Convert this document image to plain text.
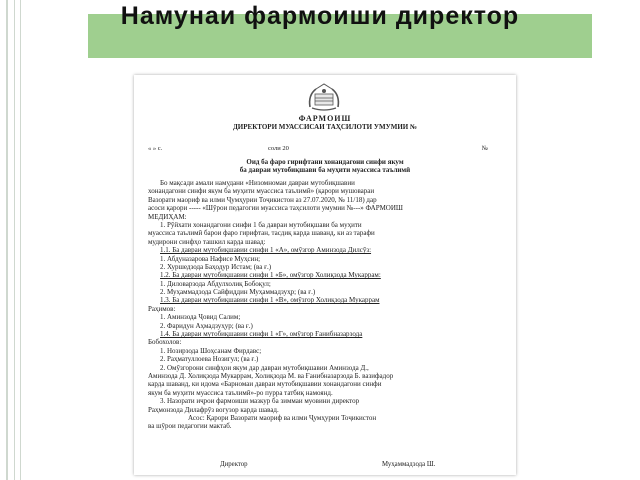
Намунаи фармоиши директор
ФАРМОИШ
ДИРЕКТОРИ МУАССИСАИ ТАҲСИЛОТИ УМУМИИ №
« » с.	соли 20	№
Оид ба фаро гирифтани хонандагони синфи якум
ба давраи мутобиқшави ба муҳити муассиса таълимӣ
Бо мақсади амали намудани «Низомномаи давраи мутобиқшавии
хонандагони синфи якум ба муҳити муассиса таълимӣ» (қарори мушовараи
Вазорати маориф ва илми Ҷумҳурии Тоҷикистон аз 27.07.2020, № 11/18) дар
асоси қарори ----- «Шӯрои педагогии муассиса таҳсилоти умумии №---» ФАРМОИШ
МЕДИҲАМ:
1. Рӯйхати хонандагони синфи 1 ба давраи мутобиқшави ба муҳити
муассиса таълимӣ барои фаро гирифтан, тасдиқ карда шаванд, ки аз тарафи
мудирони синфҳо ташкил карда шавад:
1.1. Ба давраи мутобиқшавии синфи 1 «А», омӯзгор Аминзода Дилсӯз:
1. Абдуназарова Нафисе Муҳсин;
2. Хуршедзода Баҳодур Истам; (ва ғ.)
1.2. Ба давраи мутобиқшавии синфи 1 «Б», омӯзгор Холиқзода Мукаррам:
1. Диловарзода Абдулхолиқ Бобоқул;
2. Муҳаммадзода Сайфиддин Муҳаммадзуҳр; (ва ғ.)
1.3. Ба давраи мутобиқшавии синфи 1 «В», омӯзгор Холиқзода Мукаррам
Раҳимов:
1. Аминзода Ҷовид Салим;
2. Фаридун Аҳмадзуҳур; (ва ғ.)
1.4. Ба давраи мутобиқшавии синфи 1 «Г», омӯзгор Ғанибназарзода
Бобохолов:
1. Нозирзода Шоҳсанам Фирдавс;
2. Раҳматуллоева Нозигул; (ва ғ.)
2. Омӯзгорони синфҳои якум дар давраи мутобиқшавии Аминзода Д.,
Аминзода Д. Холиқзода Мукаррам, Холиқзода М. ва Ғанибназарзода Б. вазифадор
карда шаванд, ки идома «Барномаи давраи мутобиқшавии хонандагони синфи
якум ба муҳити муассиса таълимӣ»-ро пурра татбиқ намоянд.
3. Назорати иҷрои фармоиши мазкур ба зиммаи муовини директор
Раҳмонзода Дилафрӯз вогузор карда шавад.
Асос: Қарори Вазорати маориф ва илми Ҷумҳурии Тоҷикистон
ва шӯрои педагогии мактаб.
Директор	Муҳаммадзода Ш.
